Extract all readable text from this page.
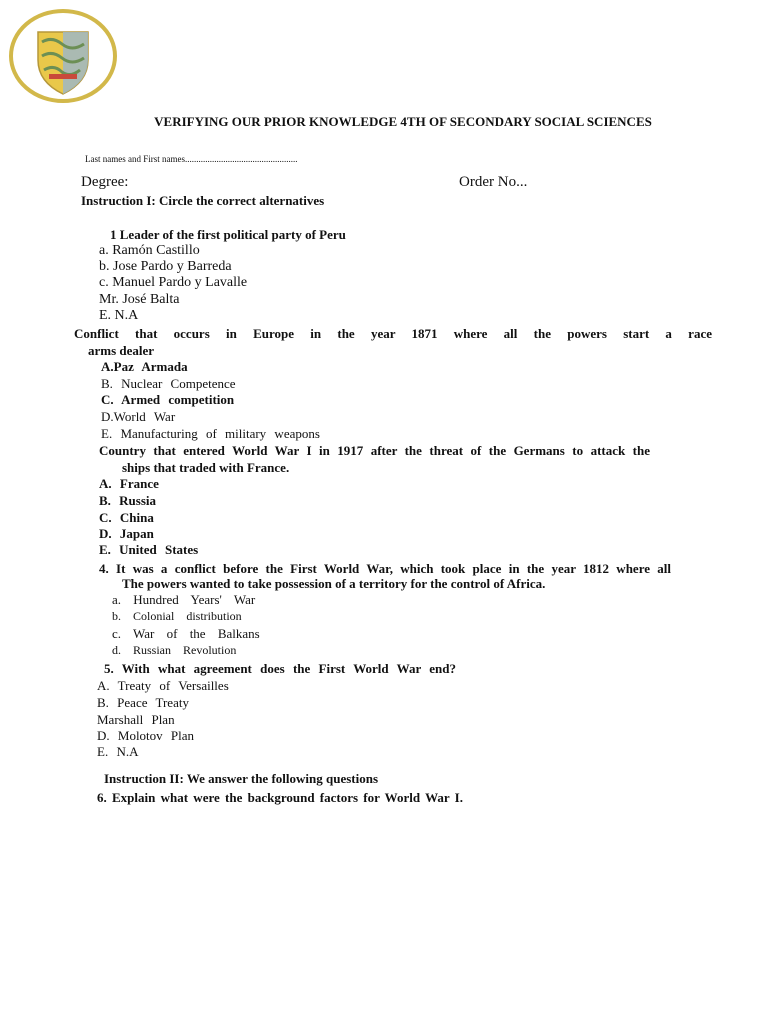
VERIFYING OUR PRIOR KNOWLEDGE 4TH OF SECONDARY SOCIAL SCIENCES
Last names and First names..................................................
Degree:	Order No...
Instruction I: Circle the correct alternatives
1 Leader of the first political party of Peru
a. Ramón Castillo
b. Jose Pardo y Barreda
c. Manuel Pardo y Lavalle
Mr. José Balta
E. N.A
Conflict that occurs in Europe in the year 1871 where all the powers start a race
arms dealer
A.Paz Armada
B. Nuclear Competence
C. Armed competition
D.World War
E. Manufacturing of military weapons
Country that entered World War I in 1917 after the threat of the Germans to attack the
ships that traded with France.
A. France
B. Russia
C. China
D. Japan
E. United States
4. It was a conflict before the First World War, which took place in the year 1812 where all
The powers wanted to take possession of a territory for the control of Africa.
a. Hundred Years' War
b. Colonial distribution
c. War of the Balkans
d. Russian Revolution
5. With what agreement does the First World War end?
A. Treaty of Versailles
B. Peace Treaty
Marshall Plan
D. Molotov Plan
E. N.A
Instruction II: We answer the following questions
6. Explain what were the background factors for World War I.
